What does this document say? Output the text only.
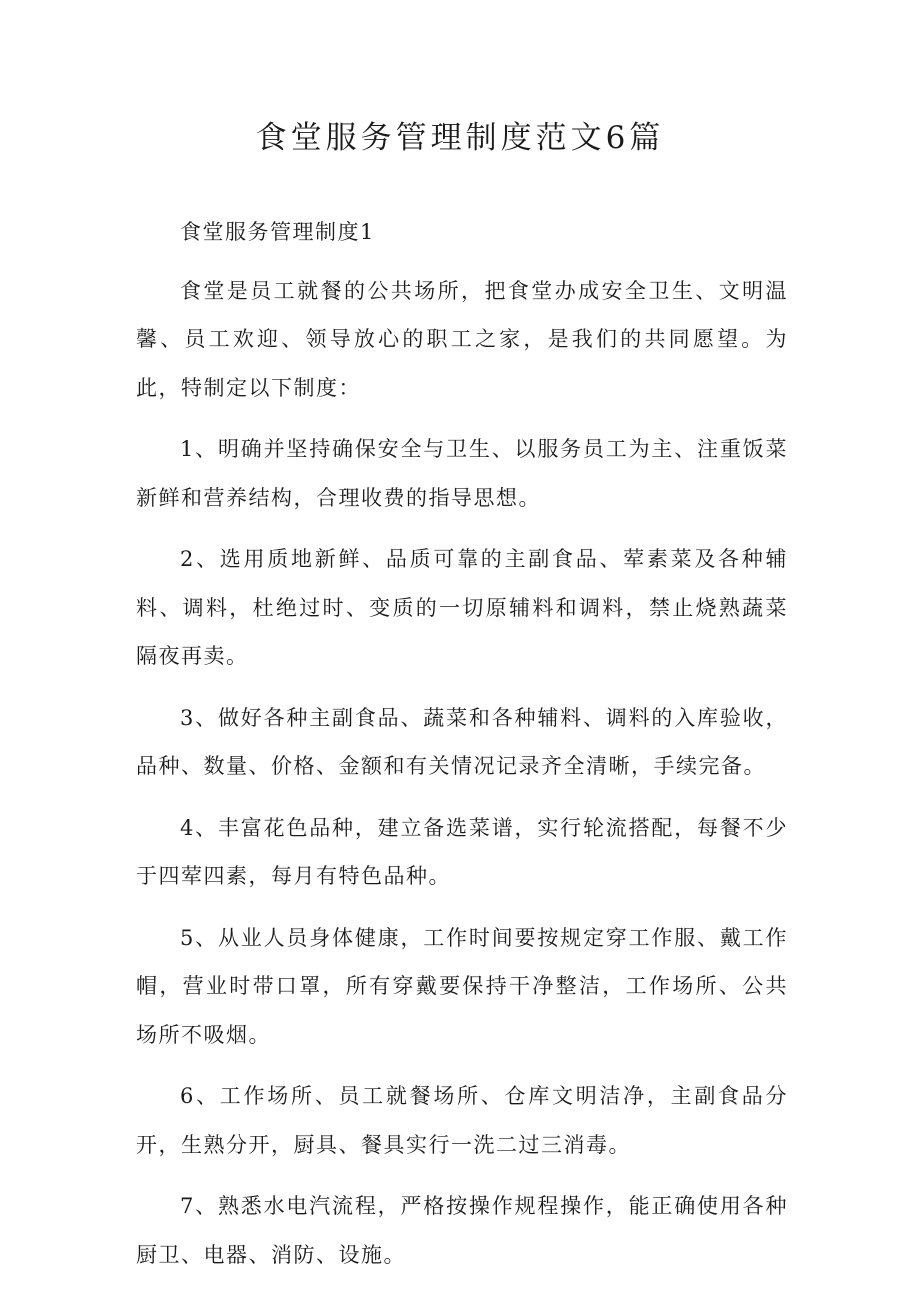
食堂服务管理制度范文6篇

食堂服务管理制度1

食堂是员工就餐的公共场所，把食堂办成安全卫生、文明温馨、员工欢迎、领导放心的职工之家，是我们的共同愿望。为此，特制定以下制度：

1、明确并坚持确保安全与卫生、以服务员工为主、注重饭菜新鲜和营养结构，合理收费的指导思想。

2、选用质地新鲜、品质可靠的主副食品、荤素菜及各种辅料、调料，杜绝过时、变质的一切原辅料和调料，禁止烧熟蔬菜隔夜再卖。

3、做好各种主副食品、蔬菜和各种辅料、调料的入库验收，品种、数量、价格、金额和有关情况记录齐全清晰，手续完备。

4、丰富花色品种，建立备选菜谱，实行轮流搭配，每餐不少于四荤四素，每月有特色品种。

5、从业人员身体健康，工作时间要按规定穿工作服、戴工作帽，营业时带口罩，所有穿戴要保持干净整洁，工作场所、公共场所不吸烟。

6、工作场所、员工就餐场所、仓库文明洁净，主副食品分开，生熟分开，厨具、餐具实行一洗二过三消毒。

7、熟悉水电汽流程，严格按操作规程操作，能正确使用各种厨卫、电器、消防、设施。
